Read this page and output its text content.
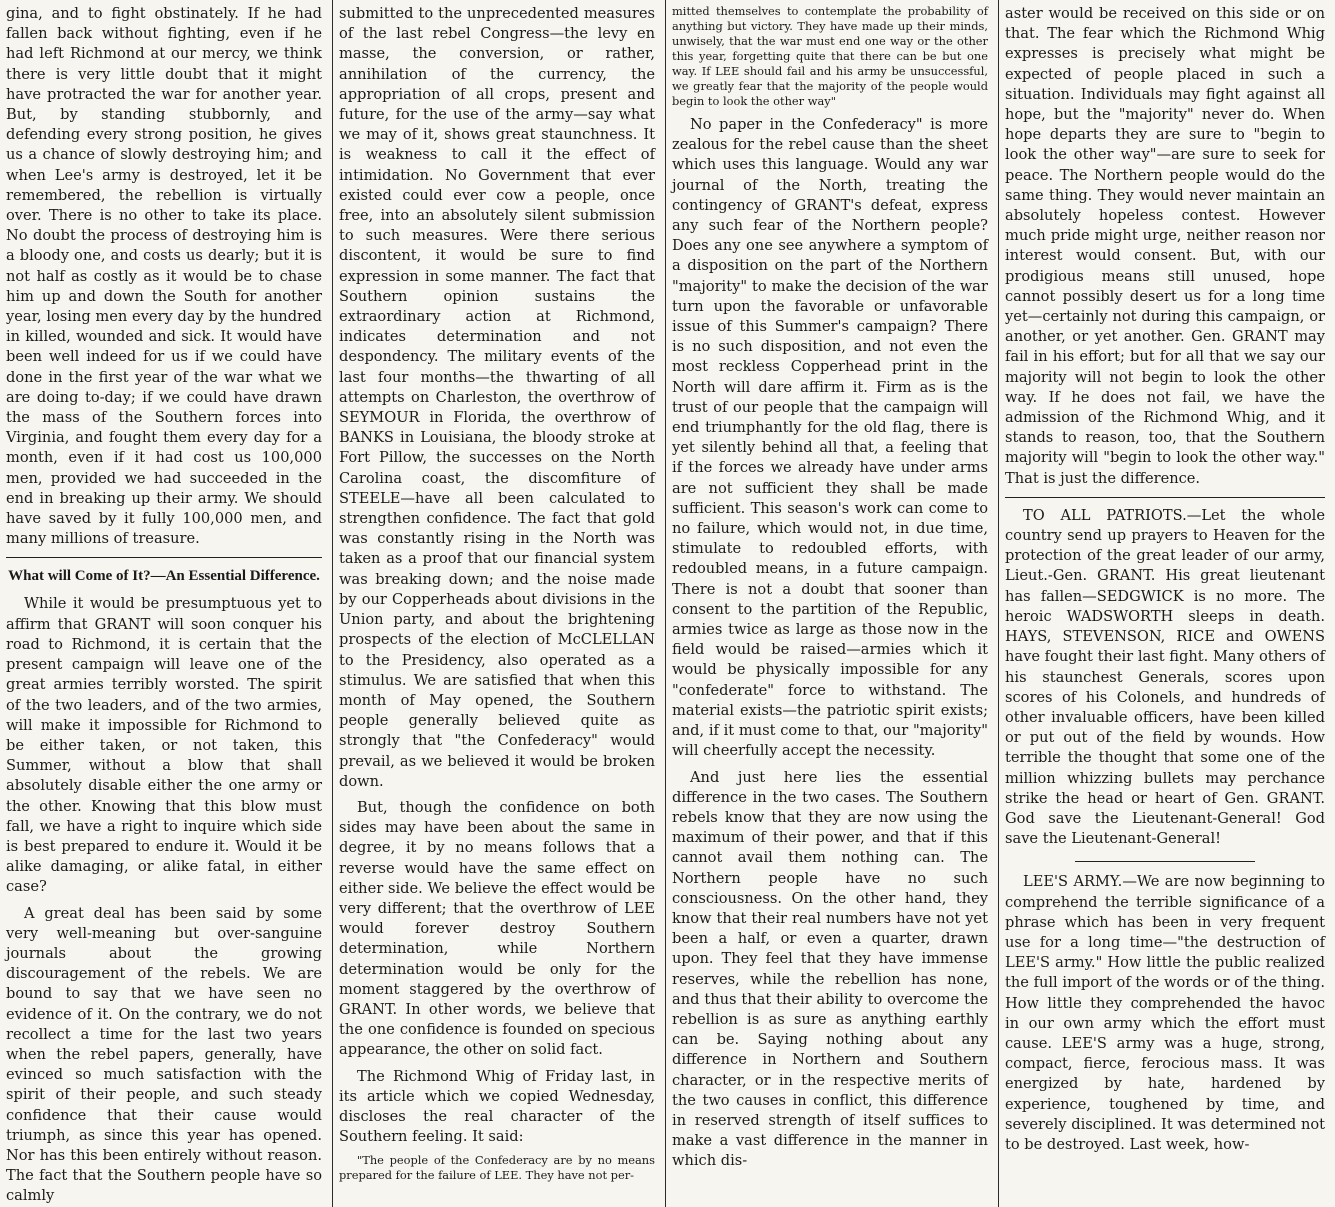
gina, and to fight obstinately. If he had fallen back without fighting, even if he had left Richmond at our mercy, we think there is very little doubt that it might have protracted the war for another year. But, by standing stubbornly, and defending every strong position, he gives us a chance of slowly destroying him; and when Lee's army is destroyed, let it be remembered, the rebellion is virtually over. There is no other to take its place. No doubt the process of destroying him is a bloody one, and costs us dearly; but it is not half as costly as it would be to chase him up and down the South for another year, losing men every day by the hundred in killed, wounded and sick. It would have been well indeed for us if we could have done in the first year of the war what we are doing to-day; if we could have drawn the mass of the Southern forces into Virginia, and fought them every day for a month, even if it had cost us 100,000 men, provided we had succeeded in the end in breaking up their army. We should have saved by it fully 100,000 men, and many millions of treasure.

What will Come of It?—An Essential Difference.

While it would be presumptuous yet to affirm that GRANT will soon conquer his road to Richmond, it is certain that the present campaign will leave one of the great armies terribly worsted. The spirit of the two leaders, and of the two armies, will make it impossible for Richmond to be either taken, or not taken, this Summer, without a blow that shall absolutely disable either the one army or the other. Knowing that this blow must fall, we have a right to inquire which side is best prepared to endure it. Would it be alike damaging, or alike fatal, in either case?

A great deal has been said by some very well-meaning but over-sanguine journals about the growing discouragement of the rebels. We are bound to say that we have seen no evidence of it. On the contrary, we do not recollect a time for the last two years when the rebel papers, generally, have evinced so much satisfaction with the spirit of their people, and such steady confidence that their cause would triumph, as since this year has opened. Nor has this been entirely without reason. The fact that the Southern people have so calmly

submitted to the unprecedented measures of the last rebel Congress—the levy en masse, the conversion, or rather, annihilation of the currency, the appropriation of all crops, present and future, for the use of the army—say what we may of it, shows great staunchness. It is weakness to call it the effect of intimidation. No Government that ever existed could ever cow a people, once free, into an absolutely silent submission to such measures. Were there serious discontent, it would be sure to find expression in some manner. The fact that Southern opinion sustains the extraordinary action at Richmond, indicates determination and not despondency. The military events of the last four months—the thwarting of all attempts on Charleston, the overthrow of SEYMOUR in Florida, the overthrow of BANKS in Louisiana, the bloody stroke at Fort Pillow, the successes on the North Carolina coast, the discomfiture of STEELE—have all been calculated to strengthen confidence. The fact that gold was constantly rising in the North was taken as a proof that our financial system was breaking down; and the noise made by our Copperheads about divisions in the Union party, and about the brightening prospects of the election of McCLELLAN to the Presidency, also operated as a stimulus. We are satisfied that when this month of May opened, the Southern people generally believed quite as strongly that "the Confederacy" would prevail, as we believed it would be broken down.

But, though the confidence on both sides may have been about the same in degree, it by no means follows that a reverse would have the same effect on either side. We believe the effect would be very different; that the overthrow of LEE would forever destroy Southern determination, while Northern determination would be only for the moment staggered by the overthrow of GRANT. In other words, we believe that the one confidence is founded on specious appearance, the other on solid fact.

The Richmond Whig of Friday last, in its article which we copied Wednesday, discloses the real character of the Southern feeling. It said:

"The people of the Confederacy are by no means prepared for the failure of LEE. They have not per-

mitted themselves to contemplate the probability of anything but victory. They have made up their minds, unwisely, that the war must end one way or the other this year, forgetting quite that there can be but one way. If LEE should fail and his army be unsuccessful, we greatly fear that the majority of the people would begin to look the other way"

No paper in the Confederacy" is more zealous for the rebel cause than the sheet which uses this language. Would any war journal of the North, treating the contingency of GRANT's defeat, express any such fear of the Northern people? Does any one see anywhere a symptom of a disposition on the part of the Northern "majority" to make the decision of the war turn upon the favorable or unfavorable issue of this Summer's campaign? There is no such disposition, and not even the most reckless Copperhead print in the North will dare affirm it. Firm as is the trust of our people that the campaign will end triumphantly for the old flag, there is yet silently behind all that, a feeling that if the forces we already have under arms are not sufficient they shall be made sufficient. This season's work can come to no failure, which would not, in due time, stimulate to redoubled efforts, with redoubled means, in a future campaign. There is not a doubt that sooner than consent to the partition of the Republic, armies twice as large as those now in the field would be raised—armies which it would be physically impossible for any "confederate" force to withstand. The material exists—the patriotic spirit exists; and, if it must come to that, our "majority" will cheerfully accept the necessity.

And just here lies the essential difference in the two cases. The Southern rebels know that they are now using the maximum of their power, and that if this cannot avail them nothing can. The Northern people have no such consciousness. On the other hand, they know that their real numbers have not yet been a half, or even a quarter, drawn upon. They feel that they have immense reserves, while the rebellion has none, and thus that their ability to overcome the rebellion is as sure as anything earthly can be. Saying nothing about any difference in Northern and Southern character, or in the respective merits of the two causes in conflict, this difference in reserved strength of itself suffices to make a vast difference in the manner in which dis-

aster would be received on this side or on that. The fear which the Richmond Whig expresses is precisely what might be expected of people placed in such a situation. Individuals may fight against all hope, but the "majority" never do. When hope departs they are sure to "begin to look the other way"—are sure to seek for peace. The Northern people would do the same thing. They would never maintain an absolutely hopeless contest. However much pride might urge, neither reason nor interest would consent. But, with our prodigious means still unused, hope cannot possibly desert us for a long time yet—certainly not during this campaign, or another, or yet another. Gen. GRANT may fail in his effort; but for all that we say our majority will not begin to look the other way. If he does not fail, we have the admission of the Richmond Whig, and it stands to reason, too, that the Southern majority will "begin to look the other way." That is just the difference.

TO ALL PATRIOTS.—Let the whole country send up prayers to Heaven for the protection of the great leader of our army, Lieut.-Gen. GRANT. His great lieutenant has fallen—SEDGWICK is no more. The heroic WADSWORTH sleeps in death. HAYS, STEVENSON, RICE and OWENS have fought their last fight. Many others of his staunchest Generals, scores upon scores of his Colonels, and hundreds of other invaluable officers, have been killed or put out of the field by wounds. How terrible the thought that some one of the million whizzing bullets may perchance strike the head or heart of Gen. GRANT. God save the Lieutenant-General! God save the Lieutenant-General!

LEE'S ARMY.—We are now beginning to comprehend the terrible significance of a phrase which has been in very frequent use for a long time—"the destruction of LEE'S army." How little the public realized the full import of the words or of the thing. How little they comprehended the havoc in our own army which the effort must cause. LEE'S army was a huge, strong, compact, fierce, ferocious mass. It was energized by hate, hardened by experience, toughened by time, and severely disciplined. It was determined not to be destroyed. Last week, how-
